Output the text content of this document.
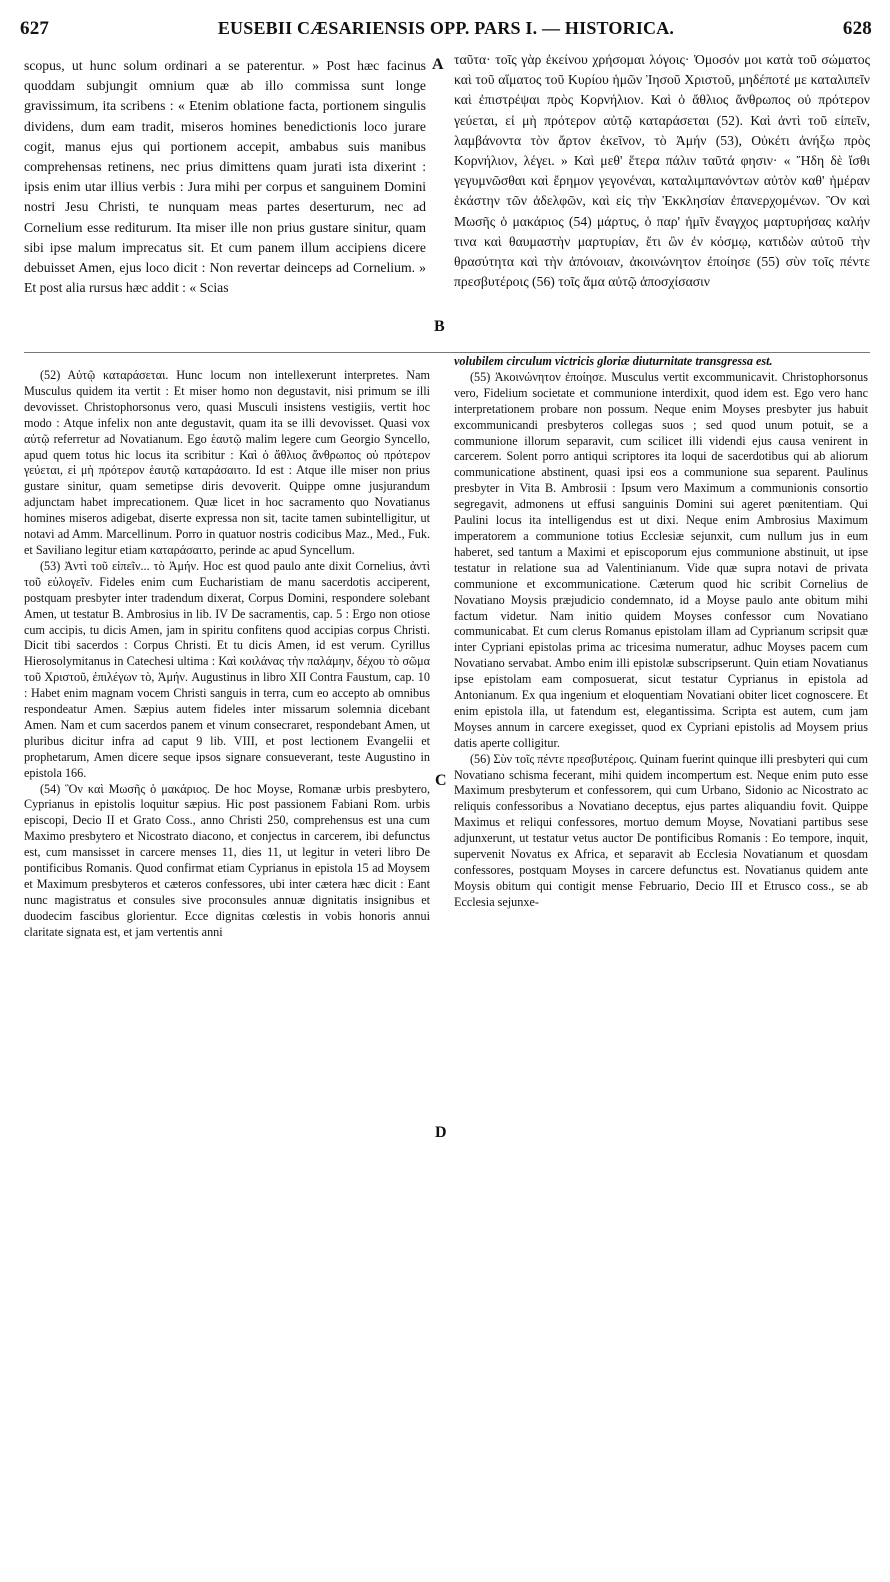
627	EUSEBII CÆSARIENSIS OPP. PARS I. — HISTORICA.	628

scopus, ut hunc solum ordinari a se paterentur. » Post hæc facinus quoddam subjungit omnium quæ ab illo commissa sunt longe gravissimum, ita scribens : « Etenim oblatione facta, portionem singulis dividens, dum eam tradit, miseros homines benedictionis loco jurare cogit, manus ejus qui portionem accepit, ambabus suis manibus comprehensas retinens, nec prius dimittens quam jurati ista dixerint : ipsis enim utar illius verbis : Jura mihi per corpus et sanguinem Domini nostri Jesu Christi, te nunquam meas partes deserturum, nec ad Cornelium esse rediturum. Ita miser ille non prius gustare sinitur, quam sibi ipse malum imprecatus sit. Et cum panem illum accipiens dicere debuisset Amen, ejus loco dicit : Non revertar deinceps ad Cornelium. » Et post alia rursus hæc addit : « Scias

ταῦτα· τοῖς γὰρ ἐκείνου χρήσομαι λόγοις· Ὁμοσόν μοι κατὰ τοῦ σώματος καὶ τοῦ αἵματος τοῦ Κυρίου ἡμῶν Ἰησοῦ Χριστοῦ, μηδέποτέ με καταλιπεῖν καὶ ἐπιστρέψαι πρὸς Κορνήλιον. Καὶ ὁ ἄθλιος ἄνθρωπος οὐ πρότερον γεύεται, εἰ μὴ πρότερον αὐτῷ καταράσεται (52). Καὶ ἀντὶ τοῦ εἰπεῖν, λαμβάνοντα τὸν ἄρτον ἐκεῖνον, τὸ Ἀμήν (53), Οὐκέτι ἀνήξω πρὸς Κορνήλιον, λέγει. » Καὶ μεθ' ἕτερα πάλιν ταῦτά φησιν· « Ἤδη δὲ ἴσθι γεγυμνῶσθαι καὶ ἔρημον γεγονέναι, καταλιμπανόντων αὐτὸν καθ' ἡμέραν ἑκάστην τῶν ἀδελφῶν, καὶ εἰς τὴν Ἐκκλησίαν ἐπανερχομένων. Ὃν καὶ Μωσῆς ὁ μακάριος (54) μάρτυς, ὁ παρ' ἡμῖν ἔναγχος μαρτυρήσας καλήν τινα καὶ θαυμαστὴν μαρτυρίαν, ἔτι ὢν ἐν κόσμῳ, κατιδὼν αὐτοῦ τὴν θρασύτητα καὶ τὴν ἀπόνοιαν, ἀκοινώνητον ἐποίησε (55) σὺν τοῖς πέντε πρεσβυτέροις (56) τοῖς ἅμα αὐτῷ ἀποσχίσασιν

A
B
C
D

(52) Αὐτῷ καταράσεται. Hunc locum non intellexerunt interpretes. Nam Musculus quidem ita vertit : Et miser homo non degustavit, nisi primum se illi devovisset. Christophorsonus vero, quasi Musculi insistens vestigiis, vertit hoc modo : Atque infelix non ante degustavit, quam ita se illi devovisset. Quasi vox αὐτῷ referretur ad Novatianum. Ego ἑαυτῷ malim legere cum Georgio Syncello, apud quem totus hic locus ita scribitur : Καὶ ὁ ἄθλιος ἄνθρωπος οὐ πρότερον γεύεται, εἰ μὴ πρότερον ἑαυτῷ καταράσαιτο. Id est : Atque ille miser non prius gustare sinitur, quam semetipse diris devoverit. Quippe omne jusjurandum adjunctam habet imprecationem. Quæ licet in hoc sacramento quo Novatianus homines miseros adigebat, diserte expressa non sit, tacite tamen subintelligitur, ut notavi ad Amm. Marcellinum. Porro in quatuor nostris codicibus Maz., Med., Fuk. et Saviliano legitur etiam καταράσαιτο, perinde ac apud Syncellum.

(53) Ἀντὶ τοῦ εἰπεῖν... τὸ Ἀμήν. Hoc est quod paulo ante dixit Cornelius, ἀντὶ τοῦ εὐλογεῖν. Fideles enim cum Eucharistiam de manu sacerdotis acciperent, postquam presbyter inter tradendum dixerat, Corpus Domini, respondere solebant Amen, ut testatur B. Ambrosius in lib. IV De sacramentis, cap. 5 : Ergo non otiose cum accipis, tu dicis Amen, jam in spiritu confitens quod accipias corpus Christi. Dicit tibi sacerdos : Corpus Christi. Et tu dicis Amen, id est verum. Cyrillus Hierosolymitanus in Catechesi ultima : Καὶ κοιλάνας τὴν παλάμην, δέχου τὸ σῶμα τοῦ Χριστοῦ, ἐπιλέγων τὸ, Ἀμήν. Augustinus in libro XII Contra Faustum, cap. 10 : Habet enim magnam vocem Christi sanguis in terra, cum eo accepto ab omnibus respondeatur Amen. Sæpius autem fideles inter missarum solemnia dicebant Amen. Nam et cum sacerdos panem et vinum consecraret, respondebant Amen, ut pluribus dicitur infra ad caput 9 lib. VIII, et post lectionem Evangelii et prophetarum, Amen dicere seque ipsos signare consueverant, teste Augustino in epistola 166.

(54) Ὃν καὶ Μωσῆς ὁ μακάριος. De hoc Moyse, Romanæ urbis presbytero, Cyprianus in epistolis loquitur sæpius. Hic post passionem Fabiani Rom. urbis episcopi, Decio II et Grato Coss., anno Christi 250, comprehensus est una cum Maximo presbytero et Nicostrato diacono, et conjectus in carcerem, ibi defunctus est, cum mansisset in carcere menses 11, dies 11, ut legitur in veteri libro De pontificibus Romanis. Quod confirmat etiam Cyprianus in epistola 15 ad Moysem et Maximum presbyteros et cæteros confessores, ubi inter cætera hæc dicit : Eant nunc magistratus et consules sive proconsules annuæ dignitatis insignibus et duodecim fascibus glorientur. Ecce dignitas cœlestis in vobis honoris annui claritate signata est, et jam vertentis anni

volubilem circulum victricis gloriæ diuturnitate transgressa est.

(55) Ἀκοινώνητον ἐποίησε. Musculus vertit excommunicavit. Christophorsonus vero, Fidelium societate et communione interdixit, quod idem est. Ego vero hanc interpretationem probare non possum. Neque enim Moyses presbyter jus habuit excommunicandi presbyteros collegas suos ; sed quod unum potuit, se a communione illorum separavit, cum scilicet illi videndi ejus causa venirent in carcerem. Solent porro antiqui scriptores ita loqui de sacerdotibus qui ab aliorum communicatione abstinent, quasi ipsi eos a communione sua separent. Paulinus presbyter in Vita B. Ambrosii : Ipsum vero Maximum a communionis consortio segregavit, admonens ut effusi sanguinis Domini sui ageret pœnitentiam. Qui Paulini locus ita intelligendus est ut dixi. Neque enim Ambrosius Maximum imperatorem a communione totius Ecclesiæ sejunxit, cum nullum jus in eum haberet, sed tantum a Maximi et episcoporum ejus communione abstinuit, ut ipse testatur in relatione sua ad Valentinianum. Vide quæ supra notavi de privata communione et excommunicatione. Cæterum quod hic scribit Cornelius de Novatiano Moysis præjudicio condemnato, id a Moyse paulo ante obitum mihi factum videtur. Nam initio quidem Moyses confessor cum Novatiano communicabat. Et cum clerus Romanus epistolam illam ad Cyprianum scripsit quæ inter Cypriani epistolas prima ac tricesima numeratur, adhuc Moyses pacem cum Novatiano servabat. Ambo enim illi epistolæ subscripserunt. Quin etiam Novatianus ipse epistolam eam composuerat, sicut testatur Cyprianus in epistola ad Antonianum. Ex qua ingenium et eloquentiam Novatiani obiter licet cognoscere. Et enim epistola illa, ut fatendum est, elegantissima. Scripta est autem, cum jam Moyses annum in carcere exegisset, quod ex Cypriani epistolis ad Moysem prius datis aperte colligitur.

(56) Σὺν τοῖς πέντε πρεσβυτέροις. Quinam fuerint quinque illi presbyteri qui cum Novatiano schisma fecerant, mihi quidem incompertum est. Neque enim puto esse Maximum presbyterum et confessorem, qui cum Urbano, Sidonio ac Nicostrato ac reliquis confessoribus a Novatiano deceptus, ejus partes aliquandiu fovit. Quippe Maximus et reliqui confessores, mortuo demum Moyse, Novatiani partibus sese adjunxerunt, ut testatur vetus auctor De pontificibus Romanis : Eo tempore, inquit, supervenit Novatus ex Africa, et separavit ab Ecclesia Novatianum et quosdam confessores, postquam Moyses in carcere defunctus est. Novatianus quidem ante Moysis obitum qui contigit mense Februario, Decio III et Etrusco coss., se ab Ecclesia sejunxe-
